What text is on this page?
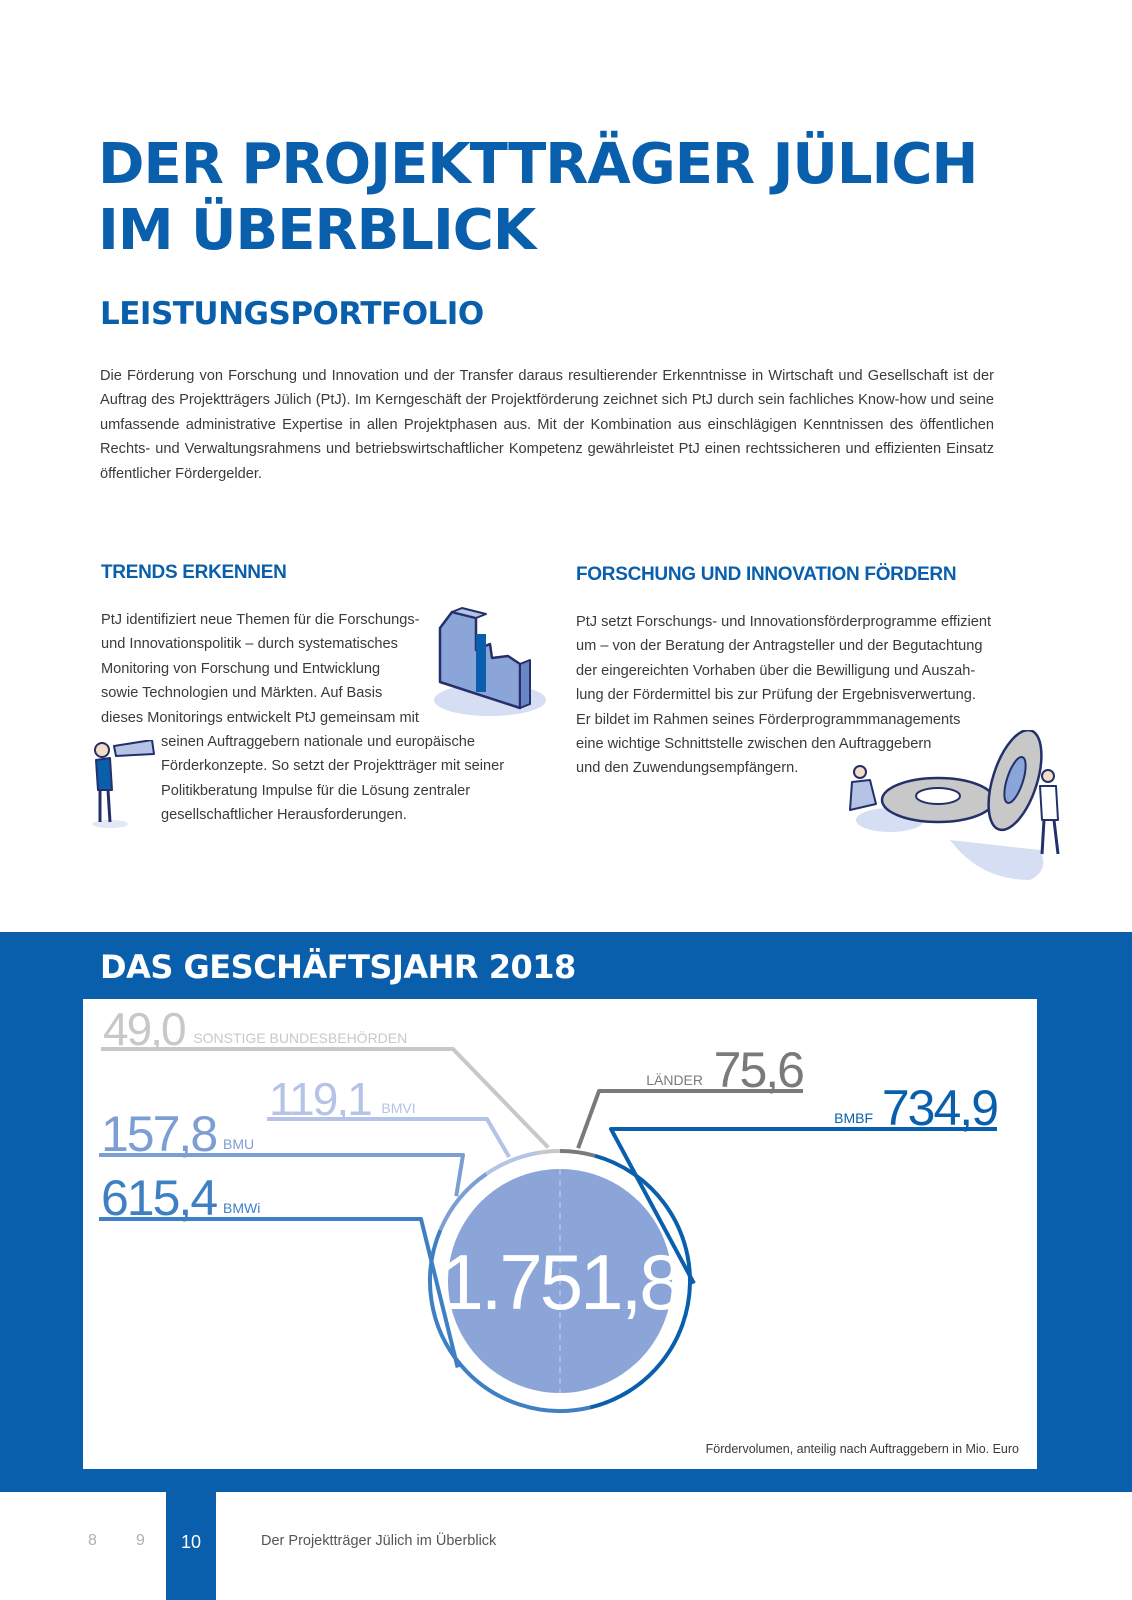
DER PROJEKTTRÄGER JÜLICH
IM ÜBERBLICK
LEISTUNGSPORTFOLIO

Die Förderung von Forschung und Innovation und der Transfer daraus resultierender Erkenntnisse in Wirtschaft und Gesellschaft ist der Auftrag des Projektträgers Jülich (PtJ). Im Kerngeschäft der Projektförderung zeichnet sich PtJ durch sein fachliches Know-how und seine umfassende administrative Expertise in allen Projektphasen aus. Mit der Kombination aus einschlägigen Kenntnissen des öffentlichen Rechts- und Verwaltungsrahmens und betriebswirtschaftlicher Kompetenz gewährleistet PtJ einen rechtssicheren und effizienten Einsatz öffentlicher Fördergelder.

TRENDS ERKENNEN
PtJ identifiziert neue Themen für die Forschungs-
und Innovationspolitik – durch systematisches
Monitoring von Forschung und Entwicklung
sowie Technologien und Märkten. Auf Basis
dieses Monitorings entwickelt PtJ gemeinsam mit
seinen Auftraggebern nationale und europäische
Förderkonzepte. So setzt der Projektträger mit seiner
Politikberatung Impulse für die Lösung zentraler
gesellschaftlicher Herausforderungen.
FORSCHUNG UND INNOVATION FÖRDERN
PtJ setzt Forschungs- und Innovationsförderprogramme effizient
um – von der Beratung der Antragsteller und der Begutachtung
der eingereichten Vorhaben über die Bewilligung und Auszah-
lung der Fördermittel bis zur Prüfung der Ergebnisverwertung.
Er bildet im Rahmen seines Förderprogrammmanagements
eine wichtige Schnittstelle zwischen den Auftraggebern
und den Zuwendungsempfängern.
DAS GESCHÄFTSJAHR 2018
1.751,8
49,0 SONSTIGE BUNDESBEHÖRDEN
119,1 BMVI
157,8 BMU
615,4 BMWi
75,6
LÄNDER	734,9
BMBF
Fördervolumen, anteilig nach Auftraggebern in Mio. Euro
8 9	10	Der Projektträger Jülich im Überblick
